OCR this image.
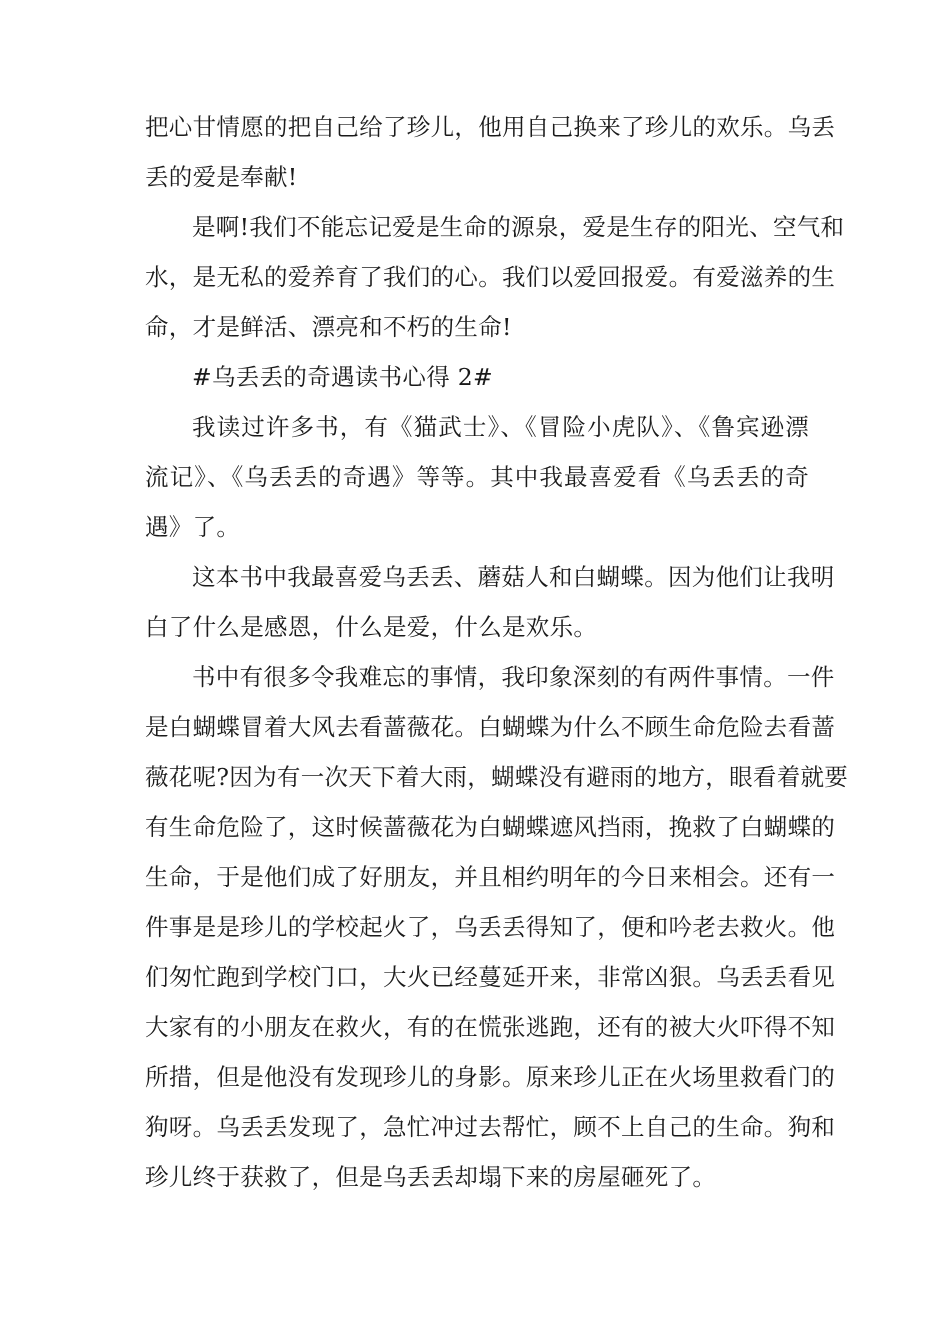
把心甘情愿的把自己给了珍儿，他用自己换来了珍儿的欢乐。乌丢
丢的爱是奉献!
是啊!我们不能忘记爱是生命的源泉，爱是生存的阳光、空气和
水，是无私的爱养育了我们的心。我们以爱回报爱。有爱滋养的生
命，才是鲜活、漂亮和不朽的生命!
#乌丢丢的奇遇读书心得 2#
我读过许多书，有《猫武士》、《冒险小虎队》、《鲁宾逊漂
流记》、《乌丢丢的奇遇》等等。其中我最喜爱看《乌丢丢的奇
遇》了。
这本书中我最喜爱乌丢丢、蘑菇人和白蝴蝶。因为他们让我明
白了什么是感恩，什么是爱，什么是欢乐。
书中有很多令我难忘的事情，我印象深刻的有两件事情。一件
是白蝴蝶冒着大风去看蔷薇花。白蝴蝶为什么不顾生命危险去看蔷
薇花呢?因为有一次天下着大雨，蝴蝶没有避雨的地方，眼看着就要
有生命危险了，这时候蔷薇花为白蝴蝶遮风挡雨，挽救了白蝴蝶的
生命，于是他们成了好朋友，并且相约明年的今日来相会。还有一
件事是是珍儿的学校起火了，乌丢丢得知了，便和吟老去救火。他
们匆忙跑到学校门口，大火已经蔓延开来，非常凶狠。乌丢丢看见
大家有的小朋友在救火，有的在慌张逃跑，还有的被大火吓得不知
所措，但是他没有发现珍儿的身影。原来珍儿正在火场里救看门的
狗呀。乌丢丢发现了，急忙冲过去帮忙，顾不上自己的生命。狗和
珍儿终于获救了，但是乌丢丢却塌下来的房屋砸死了。
